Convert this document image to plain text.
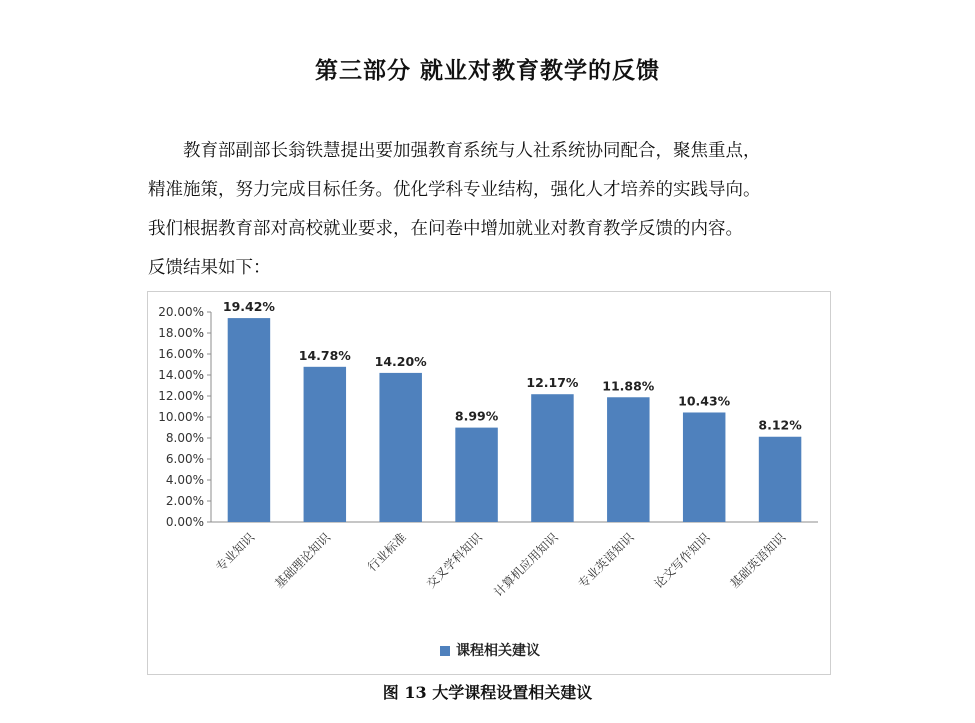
第三部分 就业对教育教学的反馈
教育部副部长翁铁慧提出要加强教育系统与人社系统协同配合，聚焦重点，
精准施策，努力完成目标任务。优化学科专业结构，强化人才培养的实践导向。
我们根据教育部对高校就业要求，在问卷中增加就业对教育教学反馈的内容。
反馈结果如下：
0.00%
2.00%
4.00%
6.00%
8.00%
10.00%
12.00%
14.00%
16.00%
18.00%
20.00% 19.42%
专业知识
14.78%
基础理论知识
14.20%
行业标准
8.99%
交叉学科知识
12.17%
计算机应用知识
11.88%
专业英语知识
10.43%
论文写作知识
8.12%
基础英语知识
课程相关建议

图 13 大学课程设置相关建议
